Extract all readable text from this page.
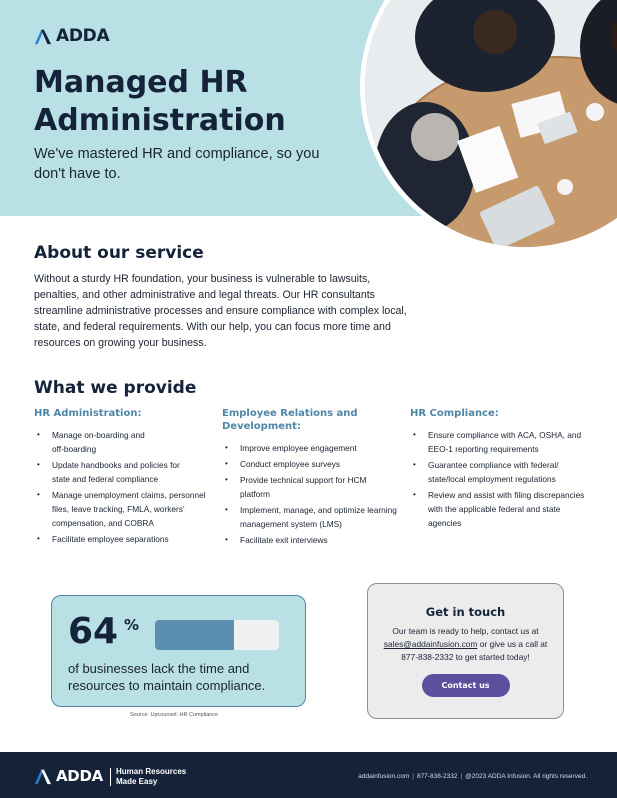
ADDA
Managed HR
Administration

We've mastered HR and compliance, so you don't have to.

About our service

Without a sturdy HR foundation, your business is vulnerable to lawsuits, penalties, and other administrative and legal threats. Our HR consultants streamline administrative processes and ensure compliance with complex local, state, and federal requirements. With our help, you can focus more time and resources on growing your business.

What we provide
HR Administration:
• Manage on-boarding and off-boarding
• Update handbooks and policies for state and federal compliance
• Manage unemployment claims, personnel files, leave tracking, FMLA, workers' compensation, and COBRA
• Facilitate employee separations
Employee Relations and Development:
• Improve employee engagement
• Conduct employee surveys
• Provide technical support for HCM platform
• Implement, manage, and optimize learning management system (LMS)
• Facilitate exit interviews
HR Compliance:
• Ensure compliance with ACA, OSHA, and EEO-1 reporting requirements
• Guarantee compliance with federal/ state/local employment regulations
• Review and assist with filing discrepancies with the applicable federal and state agencies
64 %

of businesses lack the time and resources to maintain compliance.

Source: Upcounsel: HR Compliance
Get in touch

Our team is ready to help, contact us at sales@addainfusion.com or give us a call at 877-838-2332 to get started today!

Contact us
ADDA Human Resources
Made Easy
addainfusion.com | 877-838-2332 | @2023 ADDA Infusion. All rights reserved.
